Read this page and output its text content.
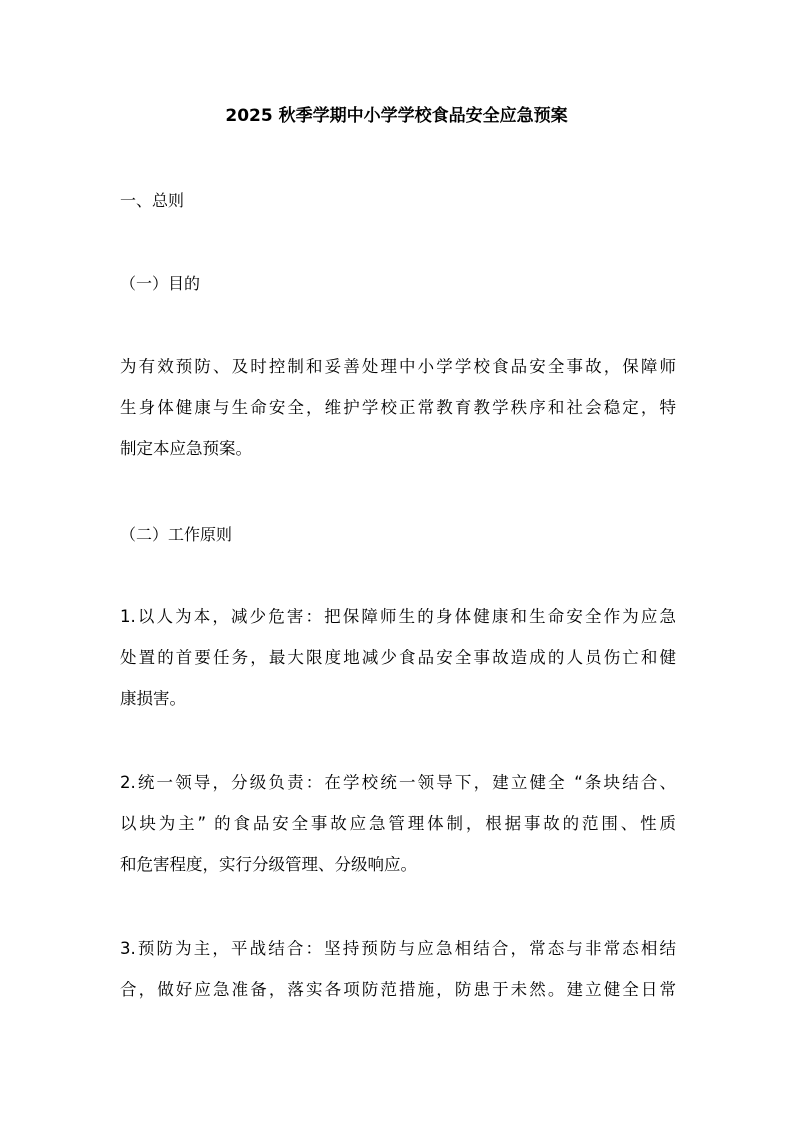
2025 秋季学期中小学学校食品安全应急预案

一、总则

（一）目的

为有效预防、及时控制和妥善处理中小学学校食品安全事故，保障师
生身体健康与生命安全，维护学校正常教育教学秩序和社会稳定，特
制定本应急预案。

（二）工作原则

1.以人为本，减少危害：把保障师生的身体健康和生命安全作为应急
处置的首要任务，最大限度地减少食品安全事故造成的人员伤亡和健
康损害。
2.统一领导，分级负责：在学校统一领导下，建立健全 “条块结合、
以块为主” 的食品安全事故应急管理体制，根据事故的范围、性质
和危害程度，实行分级管理、分级响应。
3.预防为主，平战结合：坚持预防与应急相结合，常态与非常态相结
合，做好应急准备，落实各项防范措施，防患于未然。建立健全日常
